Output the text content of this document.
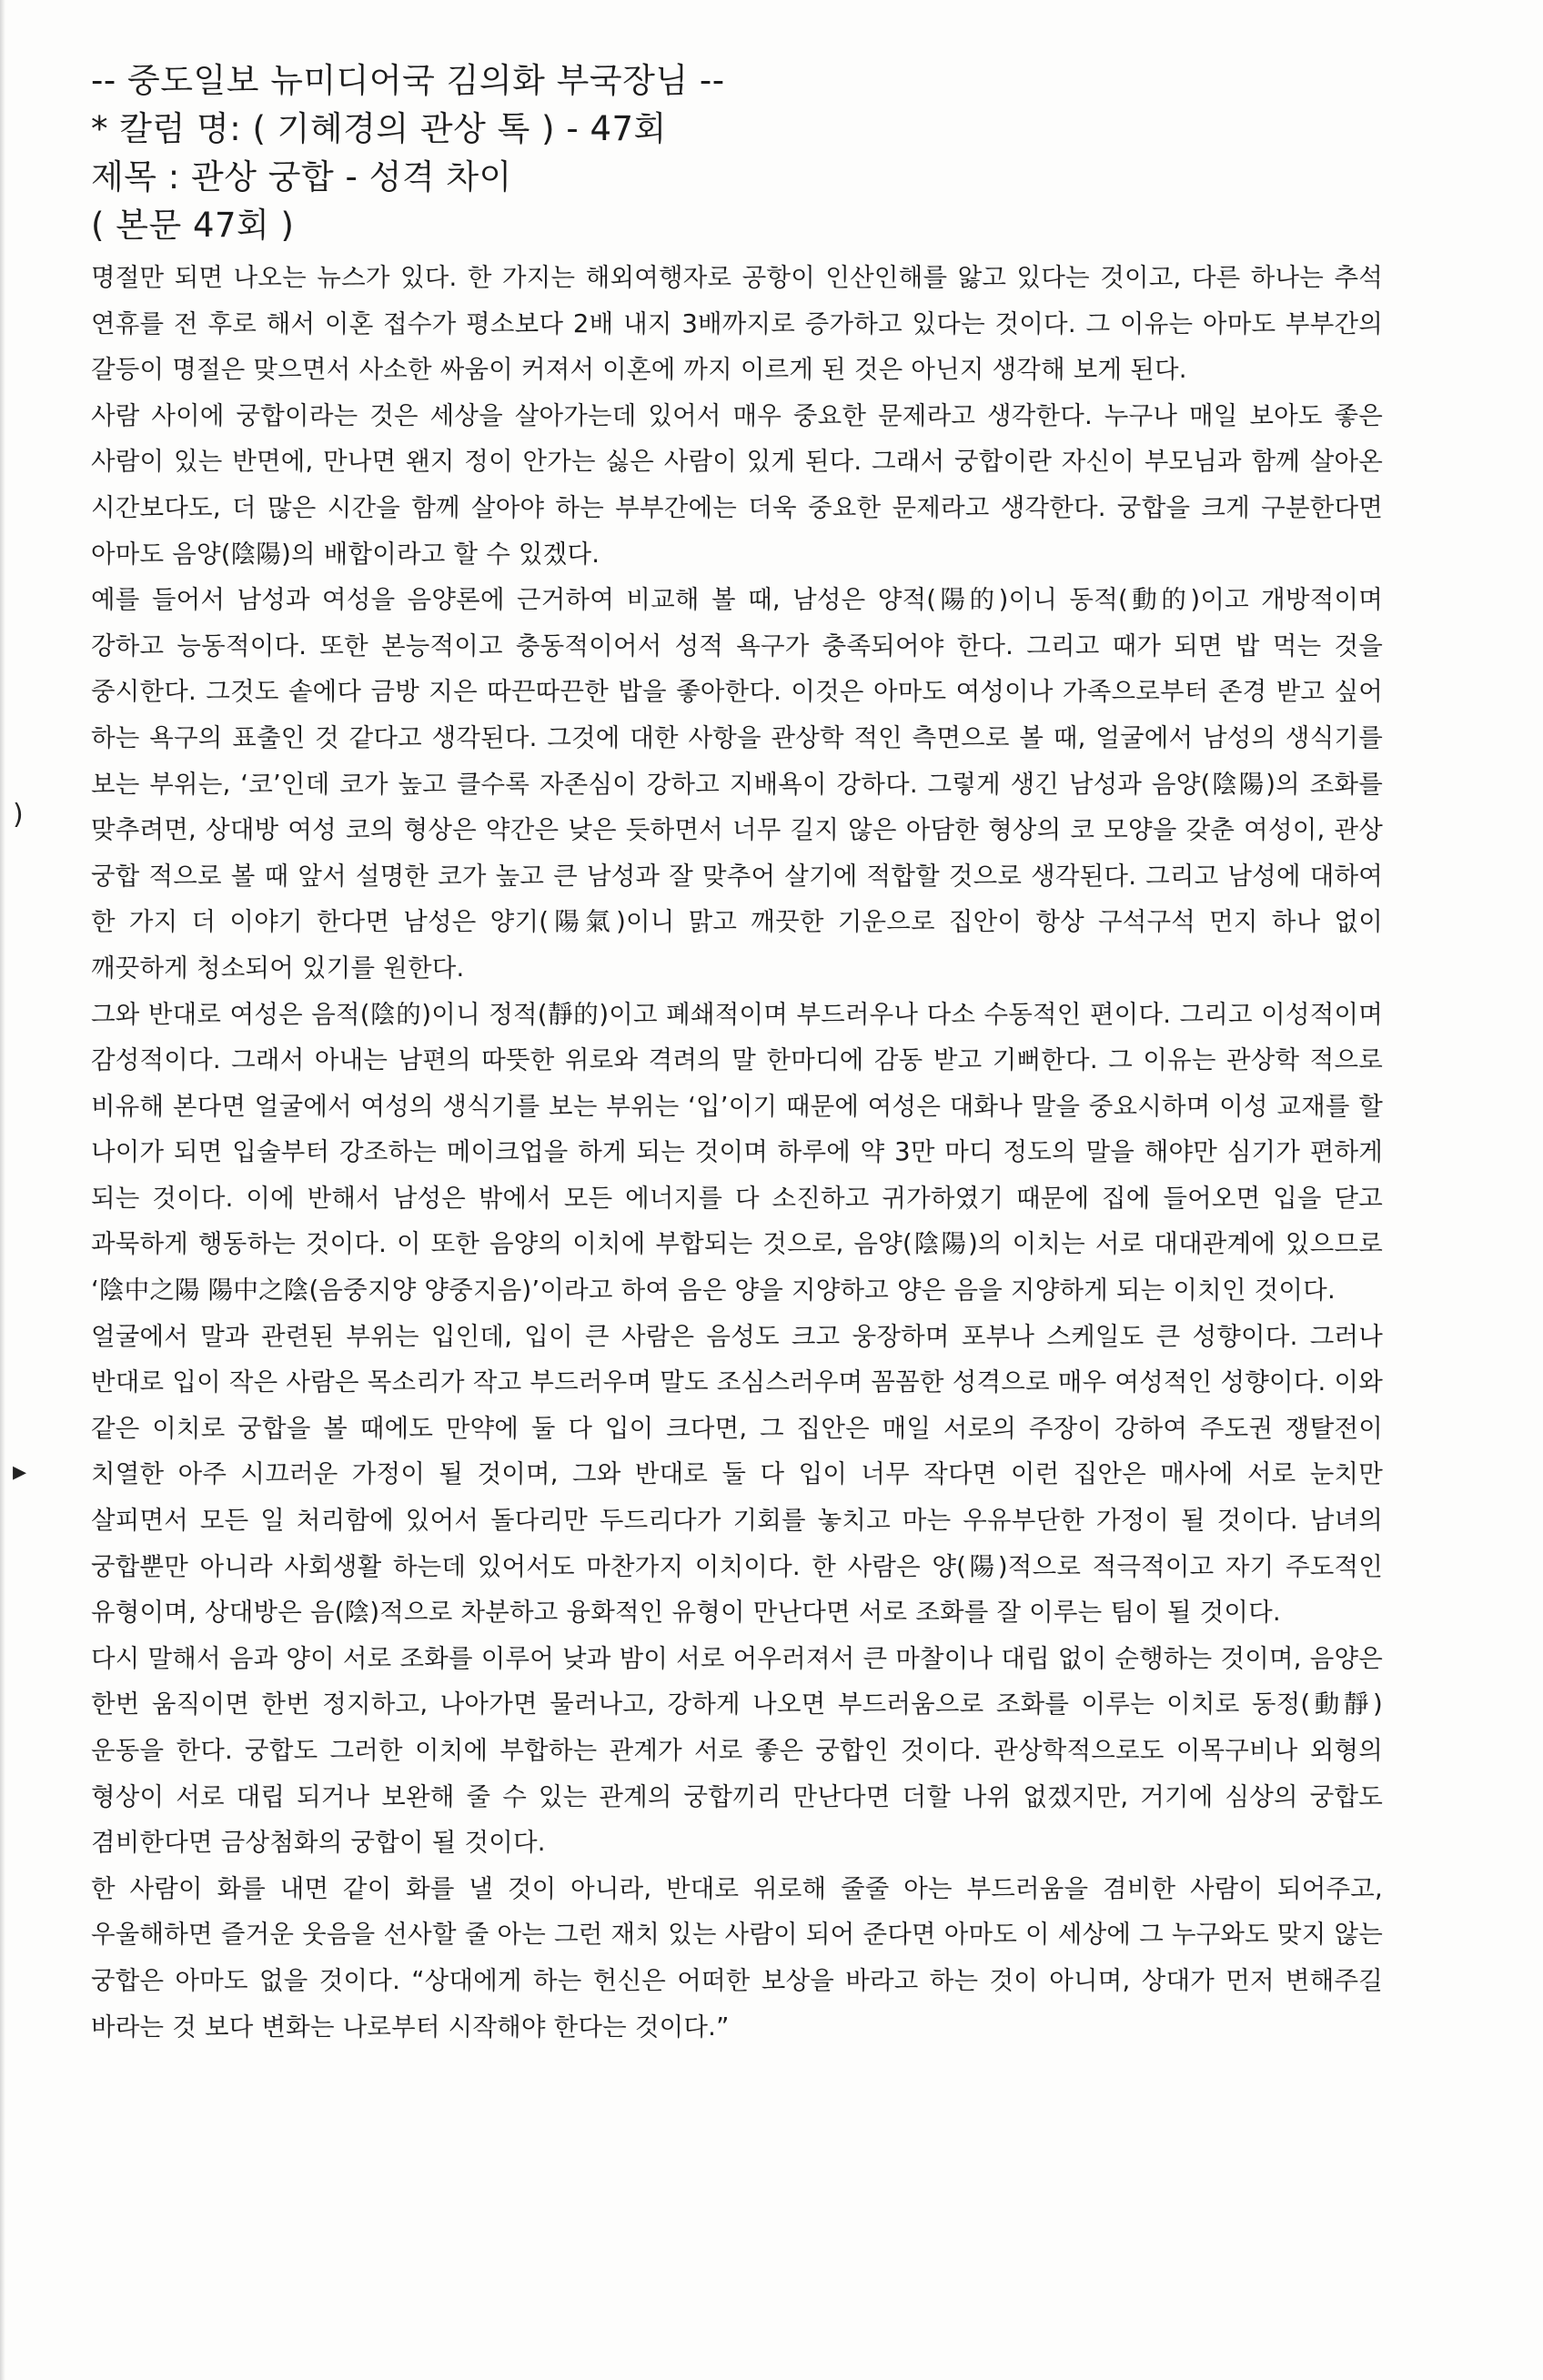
)
▸
-- 중도일보 뉴미디어국 김의화 부국장님 --
* 칼럼 명: ( 기혜경의 관상 톡 ) - 47회
제목 : 관상 궁합 - 성격 차이
( 본문 47회 )

명절만 되면 나오는 뉴스가 있다. 한 가지는 해외여행자로 공항이 인산인해를 앓고 있다는 것이고, 다른 하나는 추석 연휴를 전 후로 해서 이혼 접수가 평소보다 2배 내지 3배까지로 증가하고 있다는 것이다. 그 이유는 아마도 부부간의 갈등이 명절은 맞으면서 사소한 싸움이 커져서 이혼에 까지 이르게 된 것은 아닌지 생각해 보게 된다.

사람 사이에 궁합이라는 것은 세상을 살아가는데 있어서 매우 중요한 문제라고 생각한다. 누구나 매일 보아도 좋은 사람이 있는 반면에, 만나면 왠지 정이 안가는 싫은 사람이 있게 된다. 그래서 궁합이란 자신이 부모님과 함께 살아온 시간보다도, 더 많은 시간을 함께 살아야 하는 부부간에는 더욱 중요한 문제라고 생각한다. 궁합을 크게 구분한다면 아마도 음양(陰陽)의 배합이라고 할 수 있겠다.

예를 들어서 남성과 여성을 음양론에 근거하여 비교해 볼 때, 남성은 양적(陽的)이니 동적(動的)이고 개방적이며 강하고 능동적이다. 또한 본능적이고 충동적이어서 성적 욕구가 충족되어야 한다. 그리고 때가 되면 밥 먹는 것을 중시한다. 그것도 솥에다 금방 지은 따끈따끈한 밥을 좋아한다. 이것은 아마도 여성이나 가족으로부터 존경 받고 싶어 하는 욕구의 표출인 것 같다고 생각된다. 그것에 대한 사항을 관상학 적인 측면으로 볼 때, 얼굴에서 남성의 생식기를 보는 부위는, ‘코’인데 코가 높고 클수록 자존심이 강하고 지배욕이 강하다. 그렇게 생긴 남성과 음양(陰陽)의 조화를 맞추려면, 상대방 여성 코의 형상은 약간은 낮은 듯하면서 너무 길지 않은 아담한 형상의 코 모양을 갖춘 여성이, 관상 궁합 적으로 볼 때 앞서 설명한 코가 높고 큰 남성과 잘 맞추어 살기에 적합할 것으로 생각된다. 그리고 남성에 대하여 한 가지 더 이야기 한다면 남성은 양기(陽氣)이니 맑고 깨끗한 기운으로 집안이 항상 구석구석 먼지 하나 없이 깨끗하게 청소되어 있기를 원한다.

그와 반대로 여성은 음적(陰的)이니 정적(靜的)이고 폐쇄적이며 부드러우나 다소 수동적인 편이다. 그리고 이성적이며 감성적이다. 그래서 아내는 남편의 따뜻한 위로와 격려의 말 한마디에 감동 받고 기뻐한다. 그 이유는 관상학 적으로 비유해 본다면 얼굴에서 여성의 생식기를 보는 부위는 ‘입’이기 때문에 여성은 대화나 말을 중요시하며 이성 교재를 할 나이가 되면 입술부터 강조하는 메이크업을 하게 되는 것이며 하루에 약 3만 마디 정도의 말을 해야만 심기가 편하게 되는 것이다. 이에 반해서 남성은 밖에서 모든 에너지를 다 소진하고 귀가하였기 때문에 집에 들어오면 입을 닫고 과묵하게 행동하는 것이다. 이 또한 음양의 이치에 부합되는 것으로, 음양(陰陽)의 이치는 서로 대대관계에 있으므로 ‘陰中之陽 陽中之陰(음중지양 양중지음)’이라고 하여 음은 양을 지양하고 양은 음을 지양하게 되는 이치인 것이다.

얼굴에서 말과 관련된 부위는 입인데, 입이 큰 사람은 음성도 크고 웅장하며 포부나 스케일도 큰 성향이다. 그러나 반대로 입이 작은 사람은 목소리가 작고 부드러우며 말도 조심스러우며 꼼꼼한 성격으로 매우 여성적인 성향이다. 이와 같은 이치로 궁합을 볼 때에도 만약에 둘 다 입이 크다면, 그 집안은 매일 서로의 주장이 강하여 주도권 쟁탈전이 치열한 아주 시끄러운 가정이 될 것이며, 그와 반대로 둘 다 입이 너무 작다면 이런 집안은 매사에 서로 눈치만 살피면서 모든 일 처리함에 있어서 돌다리만 두드리다가 기회를 놓치고 마는 우유부단한 가정이 될 것이다. 남녀의 궁합뿐만 아니라 사회생활 하는데 있어서도 마찬가지 이치이다. 한 사람은 양(陽)적으로 적극적이고 자기 주도적인 유형이며, 상대방은 음(陰)적으로 차분하고 융화적인 유형이 만난다면 서로 조화를 잘 이루는 팀이 될 것이다.

다시 말해서 음과 양이 서로 조화를 이루어 낮과 밤이 서로 어우러져서 큰 마찰이나 대립 없이 순행하는 것이며, 음양은 한번 움직이면 한번 정지하고, 나아가면 물러나고, 강하게 나오면 부드러움으로 조화를 이루는 이치로 동정(動靜)운동을 한다. 궁합도 그러한 이치에 부합하는 관계가 서로 좋은 궁합인 것이다. 관상학적으로도 이목구비나 외형의 형상이 서로 대립 되거나 보완해 줄 수 있는 관계의 궁합끼리 만난다면 더할 나위 없겠지만, 거기에 심상의 궁합도 겸비한다면 금상첨화의 궁합이 될 것이다.

한 사람이 화를 내면 같이 화를 낼 것이 아니라, 반대로 위로해 줄줄 아는 부드러움을 겸비한 사람이 되어주고, 우울해하면 즐거운 웃음을 선사할 줄 아는 그런 재치 있는 사람이 되어 준다면 아마도 이 세상에 그 누구와도 맞지 않는 궁합은 아마도 없을 것이다. “상대에게 하는 헌신은 어떠한 보상을 바라고 하는 것이 아니며, 상대가 먼저 변해주길 바라는 것 보다 변화는 나로부터 시작해야 한다는 것이다.”
